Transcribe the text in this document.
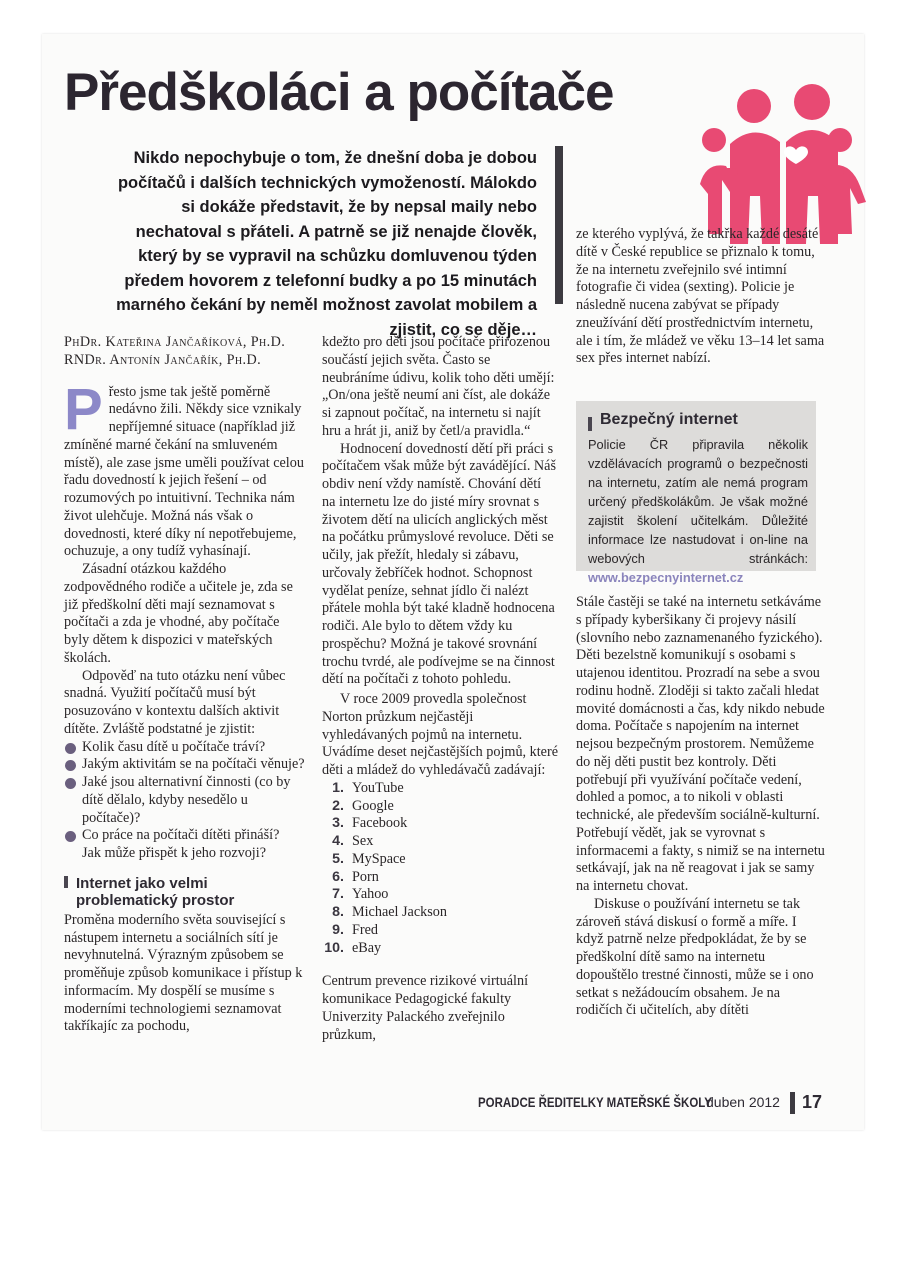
Předškoláci a počítače

Nikdo nepochybuje o tom, že dnešní doba je dobou počítačů i dalších technických vymožeností. Málokdo si dokáže představit, že by nepsal maily nebo nechatoval s přáteli. A patrně se již nenajde člověk, který by se vypravil na schůzku domluvenou týden předem hovorem z telefonní budky a po 15 minutách marného čekání by neměl možnost zavolat mobilem a zjistit, co se děje…

PhDr. Kateřina Jančaříková, Ph.D.

RNDr. Antonín Jančařík, Ph.D.

Přesto jsme tak ještě poměrně nedávno žili. Někdy sice vznikaly nepříjemné situace (například již zmíněné marné čekání na smluveném místě), ale zase jsme uměli používat celou řadu dovedností k jejich řešení – od rozumových po intuitivní. Technika nám život ulehčuje. Možná nás však o dovednosti, které díky ní nepotřebujeme, ochuzuje, a ony tudíž vyhasínají.

Zásadní otázkou každého zodpovědného rodiče a učitele je, zda se již předškolní děti mají seznamovat s počítači a zda je vhodné, aby počítače byly dětem k dispozici v mateřských školách.

Odpověď na tuto otázku není vůbec snadná. Využití počítačů musí být posuzováno v kontextu dalších aktivit dítěte. Zvláště podstatné je zjistit:

Kolik času dítě u počítače tráví?
Jakým aktivitám se na počítači věnuje?
Jaké jsou alternativní činnosti (co by dítě dělalo, kdyby nesedělo u počítače)?
Co práce na počítači dítěti přináší?
Jak může přispět k jeho rozvoji?
Internet jako velmi
problematický prostor

Proměna moderního světa související s nástupem internetu a sociálních sítí je nevyhnutelná. Výrazným způsobem se proměňuje způsob komunikace i přístup k informacím. My dospělí se musíme s moderními technologiemi seznamovat takříkajíc za pochodu,

kdežto pro děti jsou počítače přirozenou součástí jejich světa. Často se neubráníme údivu, kolik toho děti umějí: „On/ona ještě neumí ani číst, ale dokáže si zapnout počítač, na internetu si najít hru a hrát ji, aniž by četl/a pravidla.“

Hodnocení dovedností dětí při práci s počítačem však může být zavádějící. Náš obdiv není vždy namístě. Chování dětí na internetu lze do jisté míry srovnat s životem dětí na ulicích anglických měst na počátku průmyslové revoluce. Děti se učily, jak přežít, hledaly si zábavu, určovaly žebříček hodnot. Schopnost vydělat peníze, sehnat jídlo či nalézt přátele mohla být také kladně hodnocena rodiči. Ale bylo to dětem vždy ku prospěchu? Možná je takové srovnání trochu tvrdé, ale podívejme se na činnost dětí na počítači z tohoto pohledu.

V roce 2009 provedla společnost Norton průzkum nejčastěji vyhledávaných pojmů na internetu. Uvádíme deset nejčastějších pojmů, které děti a mládež do vyhledávačů zadávají:

1. YouTube
2. Google
3. Facebook
4. Sex
5. MySpace
6. Porn
7. Yahoo
8. Michael Jackson
9. Fred
10. eBay

Centrum prevence rizikové virtuální komunikace Pedagogické fakulty Univerzity Palackého zveřejnilo průzkum,

ze kterého vyplývá, že takřka každé desáté dítě v České republice se přiznalo k tomu, že na internetu zveřejnilo své intimní fotografie či videa (sexting). Policie je následně nucena zabývat se případy zneužívání dětí prostřednictvím internetu, ale i tím, že mládež ve věku 13–14 let sama sex přes internet nabízí.

Bezpečný internet

Policie ČR připravila několik vzdělávacích programů o bezpečnosti na internetu, zatím ale nemá program určený předškolákům. Je však možné zajistit školení učitelkám. Důležité informace lze nastudovat i on-line na webových stránkách: www.bezpecnyinternet.cz

Stále častěji se také na internetu setkáváme s případy kyberšikany či projevy násilí (slovního nebo zaznamenaného fyzického). Děti bezelstně komunikují s osobami s utajenou identitou. Prozradí na sebe a svou rodinu hodně. Zloději si takto začali hledat movité domácnosti a čas, kdy nikdo nebude doma. Počítače s napojením na internet nejsou bezpečným prostorem. Nemůžeme do něj děti pustit bez kontroly. Děti potřebují při využívání počítače vedení, dohled a pomoc, a to nikoli v oblasti technické, ale především sociálně-kulturní. Potřebují vědět, jak se vyrovnat s informacemi a fakty, s nimiž se na internetu setkávají, jak na ně reagovat i jak se samy na internetu chovat.

Diskuse o používání internetu se tak zároveň stává diskusí o formě a míře. I když patrně nelze předpokládat, že by se předškolní dítě samo na internetu dopouštělo trestné činnosti, může se i ono setkat s nežádoucím obsahem. Je na rodičích či učitelích, aby dítěti

PORADCE ŘEDITELKY MATEŘSKÉ ŠKOLY
duben 2012 17
